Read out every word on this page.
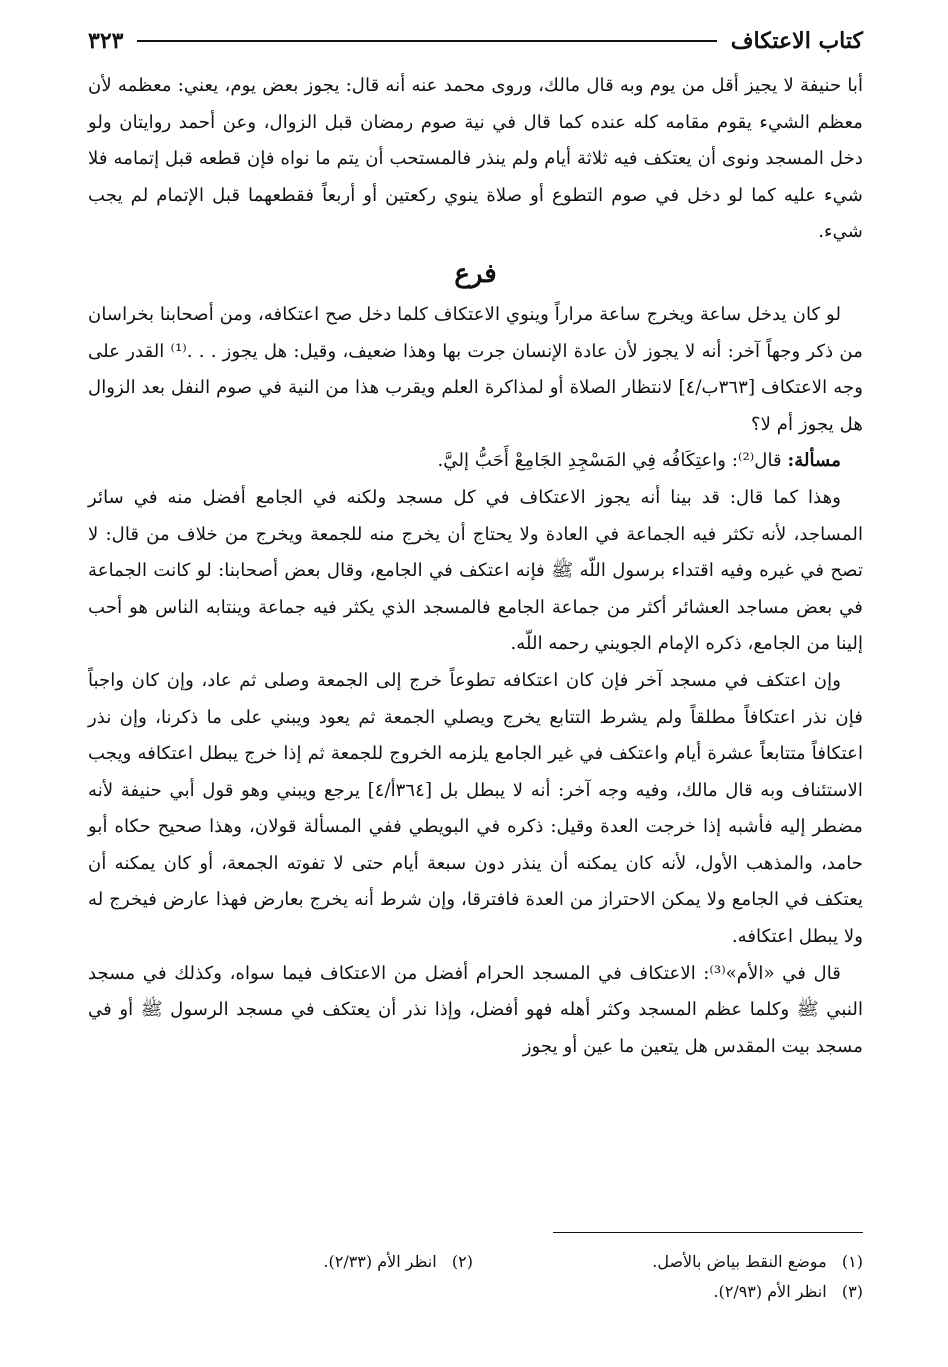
كتاب الاعتكاف
٣٢٣

أبا حنيفة لا يجيز أقل من يوم وبه قال مالك، وروى محمد عنه أنه قال: يجوز بعض يوم، يعني: معظمه لأن معظم الشيء يقوم مقامه كله عنده كما قال في نية صوم رمضان قبل الزوال، وعن أحمد روايتان ولو دخل المسجد ونوى أن يعتكف فيه ثلاثة أيام ولم ينذر فالمستحب أن يتم ما نواه فإن قطعه قبل إتمامه فلا شيء عليه كما لو دخل في صوم التطوع أو صلاة ينوي ركعتين أو أربعاً فقطعهما قبل الإتمام لم يجب شيء.

فرع

لو كان يدخل ساعة ويخرج ساعة مراراً وينوي الاعتكاف كلما دخل صح اعتكافه، ومن أصحابنا بخراسان من ذكر وجهاً آخر: أنه لا يجوز لأن عادة الإنسان جرت بها وهذا ضعيف، وقيل: هل يجوز . . .⁽¹⁾ القدر على وجه الاعتكاف [٣٦٣ب/٤] لانتظار الصلاة أو لمذاكرة العلم ويقرب هذا من النية في صوم النفل بعد الزوال هل يجوز أم لا؟

مسألة: قال⁽²⁾: واعتِكَافُه فِي المَسْجِدِ الجَامِعْ أَحَبُّ إليَّ.

وهذا كما قال: قد بينا أنه يجوز الاعتكاف في كل مسجد ولكنه في الجامع أفضل منه في سائر المساجد، لأنه تكثر فيه الجماعة في العادة ولا يحتاج أن يخرج منه للجمعة ويخرج من خلاف من قال: لا تصح في غيره وفيه اقتداء برسول اللّه ﷺ فإنه اعتكف في الجامع، وقال بعض أصحابنا: لو كانت الجماعة في بعض مساجد العشائر أكثر من جماعة الجامع فالمسجد الذي يكثر فيه جماعة وينتابه الناس هو أحب إلينا من الجامع، ذكره الإمام الجويني رحمه اللّه.

وإن اعتكف في مسجد آخر فإن كان اعتكافه تطوعاً خرج إلى الجمعة وصلى ثم عاد، وإن كان واجباً فإن نذر اعتكافاً مطلقاً ولم يشرط التتابع يخرج ويصلي الجمعة ثم يعود ويبني على ما ذكرنا، وإن نذر اعتكافاً متتابعاً عشرة أيام واعتكف في غير الجامع يلزمه الخروج للجمعة ثم إذا خرج يبطل اعتكافه ويجب الاستئناف وبه قال مالك، وفيه وجه آخر: أنه لا يبطل بل [٣٦٤أ/٤] يرجع ويبني وهو قول أبي حنيفة لأنه مضطر إليه فأشبه إذا خرجت العدة وقيل: ذكره في البويطي ففي المسألة قولان، وهذا صحيح حكاه أبو حامد، والمذهب الأول، لأنه كان يمكنه أن ينذر دون سبعة أيام حتى لا تفوته الجمعة، أو كان يمكنه أن يعتكف في الجامع ولا يمكن الاحتراز من العدة فافترقا، وإن شرط أنه يخرج بعارض فهذا عارض فيخرج له ولا يبطل اعتكافه.

قال في «الأم»⁽³⁾: الاعتكاف في المسجد الحرام أفضل من الاعتكاف فيما سواه، وكذلك في مسجد النبي ﷺ وكلما عظم المسجد وكثر أهله فهو أفضل، وإذا نذر أن يعتكف في مسجد الرسول ﷺ أو في مسجد بيت المقدس هل يتعين ما عين أو يجوز

(١)   موضع النقط بياض بالأصل.
(٢)   انظر الأم (٢/٣٣).
(٣)   انظر الأم (٢/٩٣).
